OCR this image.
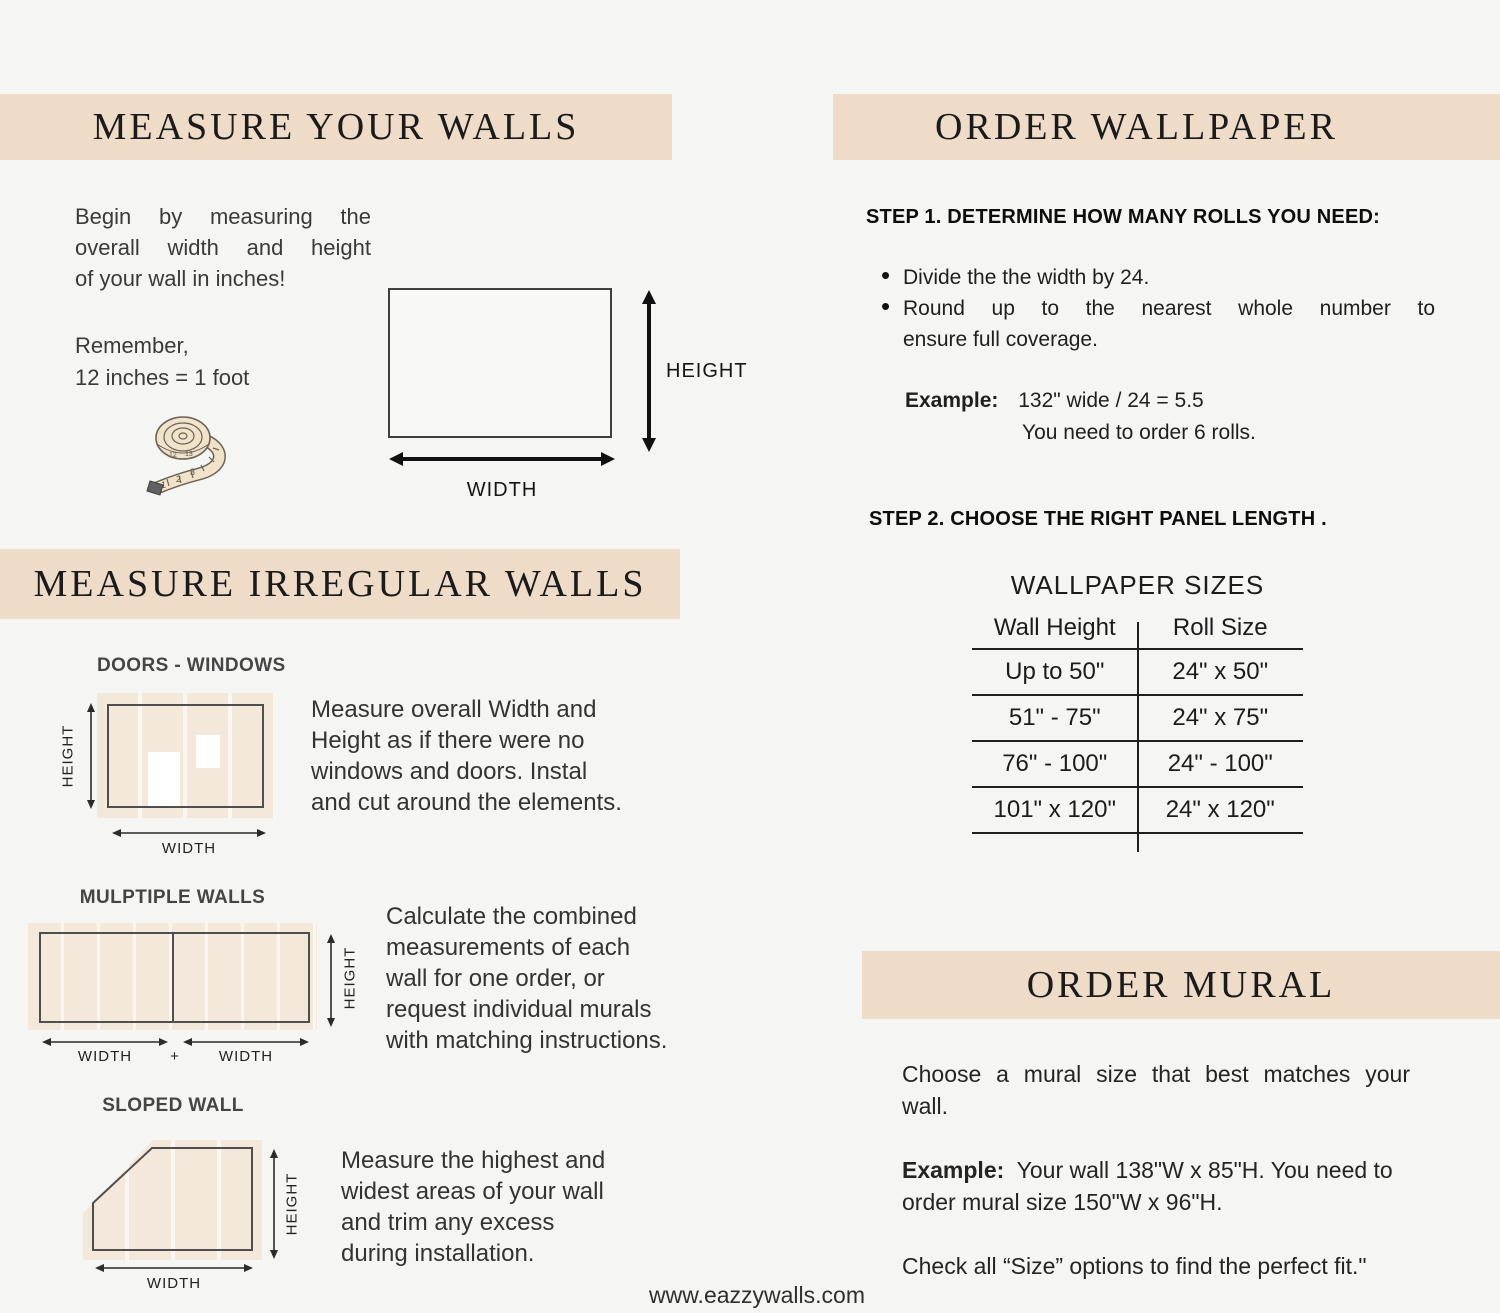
MEASURE YOUR WALLS
Begin by measuring the
overall width and height
of your wall in inches!
Remember,
12 inches = 1 foot
1
2
3
12 13
HEIGHT
WIDTH
MEASURE IRREGULAR WALLS
DOORS - WINDOWS
HEIGHT
WIDTH
Measure overall Width and
Height as if there were no
windows and doors. Instal
and cut around the elements.
MULPTIPLE WALLS
HEIGHT
WIDTH	+	WIDTH
Calculate the combined
measurements of each
wall for one order, or
request individual murals
with matching instructions.
SLOPED WALL
HEIGHT
WIDTH
Measure the highest and
widest areas of your wall
and trim any excess
during installation.
ORDER WALLPAPER
STEP 1. DETERMINE HOW MANY ROLLS YOU NEED:
• Divide the the width by 24.
• Round up to the nearest whole number to
ensure full coverage.
Example: 132" wide / 24 = 5.5
You need to order 6 rolls.
STEP 2. CHOOSE THE RIGHT PANEL LENGTH .
WALLPAPER SIZES
Wall Height	Roll Size
Up to 50"	24" x 50"
51" - 75"	24" x 75"
76" - 100"	24" - 100"
101" x 120"	24" x 120"
ORDER MURAL
Choose a mural size that best matches your
wall.
Example: Your wall 138"W x 85"H. You need to
order mural size 150"W x 96"H.
Check all “Size” options to find the perfect fit."
www.eazzywalls.com
